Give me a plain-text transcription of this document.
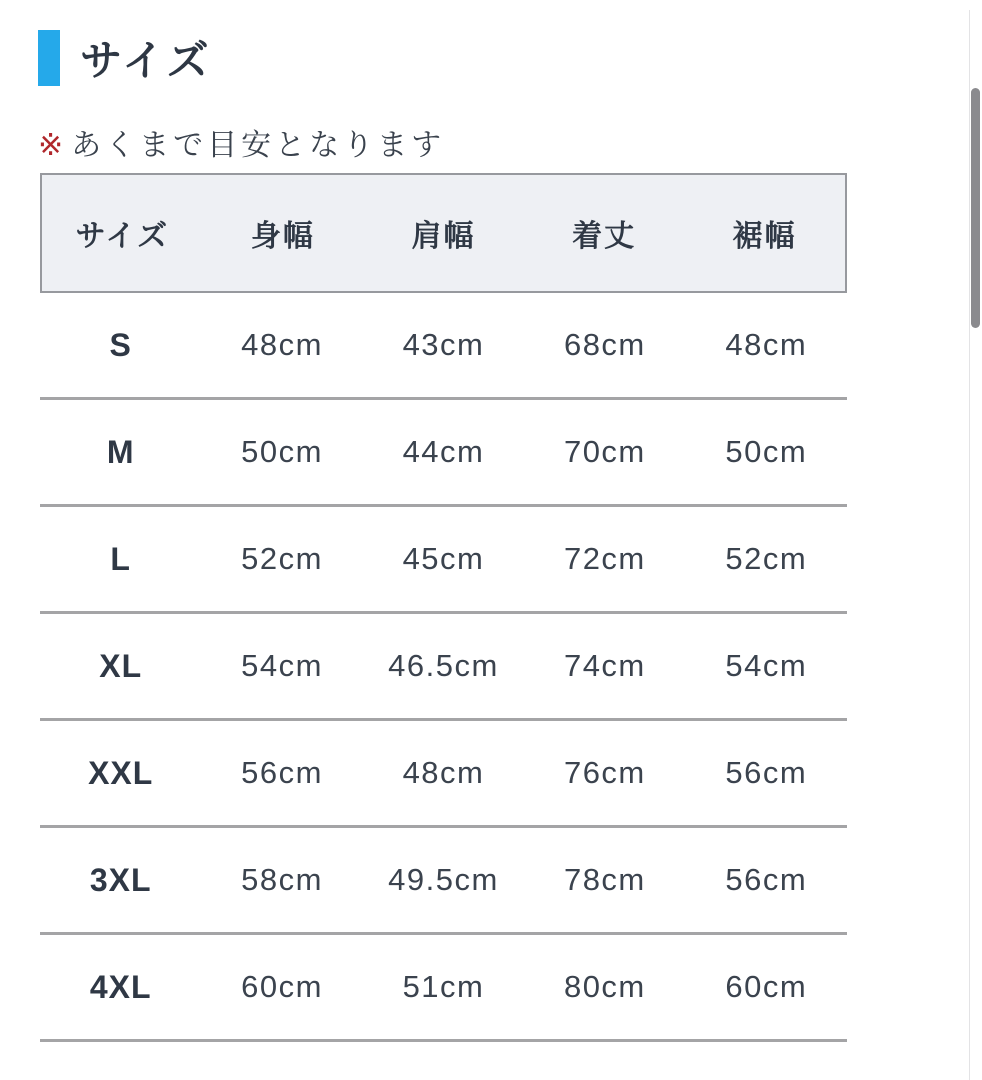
サイズ

※ あくまで目安となります

サイズ	身幅	肩幅	着丈	裾幅
S	48cm	43cm	68cm	48cm
M	50cm	44cm	70cm	50cm
L	52cm	45cm	72cm	52cm
XL	54cm	46.5cm	74cm	54cm
XXL	56cm	48cm	76cm	56cm
3XL	58cm	49.5cm	78cm	56cm
4XL	60cm	51cm	80cm	60cm
